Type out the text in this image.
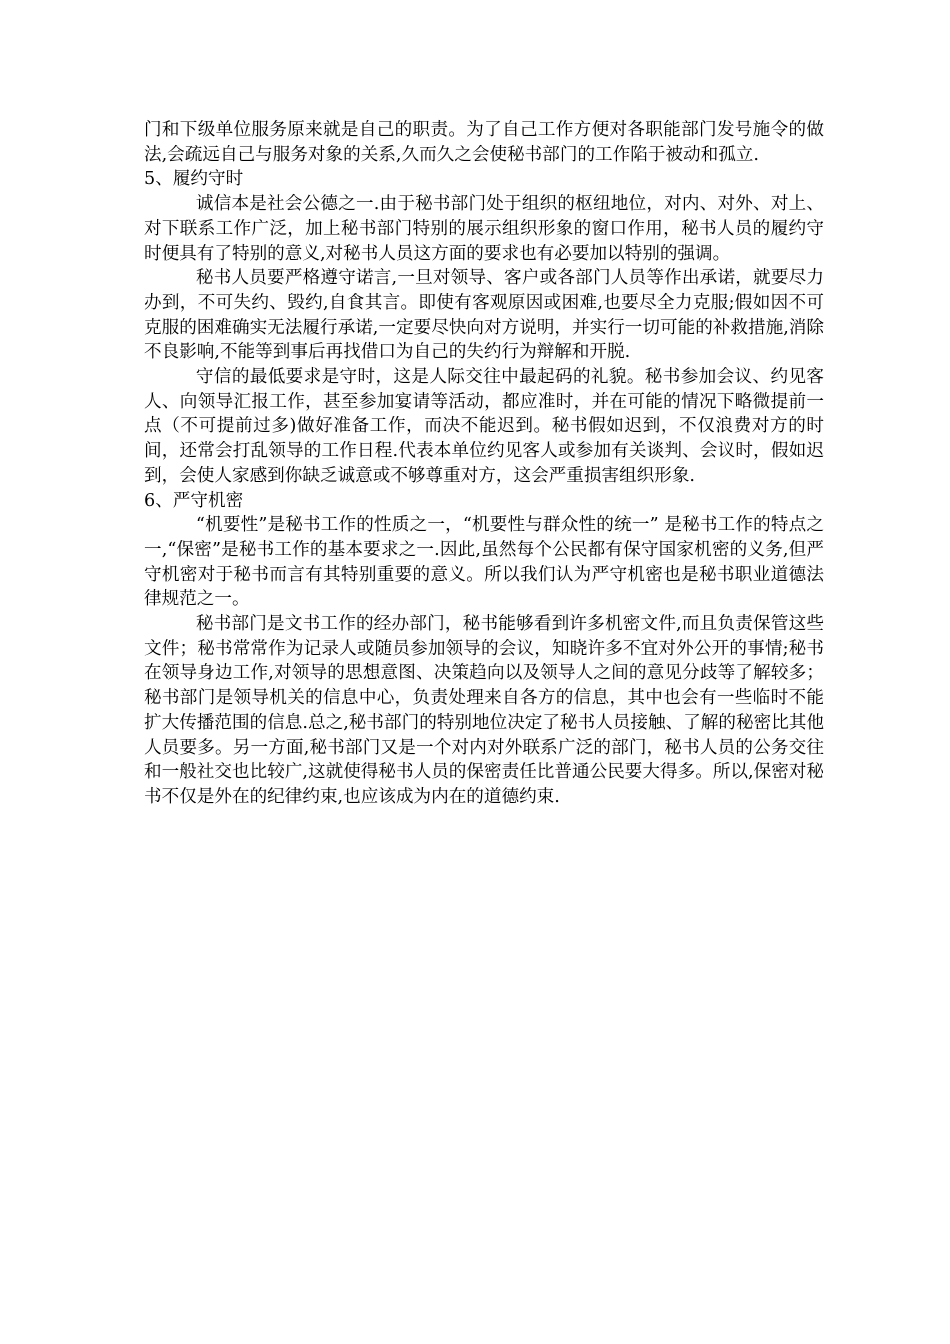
门和下级单位服务原来就是自己的职责。为了自己工作方便对各职能部门发号施令的做法,会疏远自己与服务对象的关系,久而久之会使秘书部门的工作陷于被动和孤立.

5、履约守时

诚信本是社会公德之一.由于秘书部门处于组织的枢纽地位，对内、对外、对上、对下联系工作广泛，加上秘书部门特别的展示组织形象的窗口作用，秘书人员的履约守时便具有了特别的意义,对秘书人员这方面的要求也有必要加以特别的强调。

秘书人员要严格遵守诺言,一旦对领导、客户或各部门人员等作出承诺，就要尽力办到，不可失约、毁约,自食其言。即使有客观原因或困难,也要尽全力克服;假如因不可克服的困难确实无法履行承诺,一定要尽快向对方说明，并实行一切可能的补救措施,消除不良影响,不能等到事后再找借口为自己的失约行为辩解和开脱.

守信的最低要求是守时，这是人际交往中最起码的礼貌。秘书参加会议、约见客人、向领导汇报工作，甚至参加宴请等活动，都应准时，并在可能的情况下略微提前一点（不可提前过多)做好准备工作，而决不能迟到。秘书假如迟到，不仅浪费对方的时间，还常会打乱领导的工作日程.代表本单位约见客人或参加有关谈判、会议时，假如迟到，会使人家感到你缺乏诚意或不够尊重对方，这会严重损害组织形象.

6、严守机密

“机要性”是秘书工作的性质之一，“机要性与群众性的统一” 是秘书工作的特点之一,“保密”是秘书工作的基本要求之一.因此,虽然每个公民都有保守国家机密的义务,但严守机密对于秘书而言有其特别重要的意义。所以我们认为严守机密也是秘书职业道德法律规范之一。

秘书部门是文书工作的经办部门，秘书能够看到许多机密文件,而且负责保管这些文件；秘书常常作为记录人或随员参加领导的会议，知晓许多不宜对外公开的事情;秘书在领导身边工作,对领导的思想意图、决策趋向以及领导人之间的意见分歧等了解较多；秘书部门是领导机关的信息中心，负责处理来自各方的信息，其中也会有一些临时不能扩大传播范围的信息.总之,秘书部门的特别地位决定了秘书人员接触、了解的秘密比其他人员要多。另一方面,秘书部门又是一个对内对外联系广泛的部门，秘书人员的公务交往和一般社交也比较广,这就使得秘书人员的保密责任比普通公民要大得多。所以,保密对秘书不仅是外在的纪律约束,也应该成为内在的道德约束.
